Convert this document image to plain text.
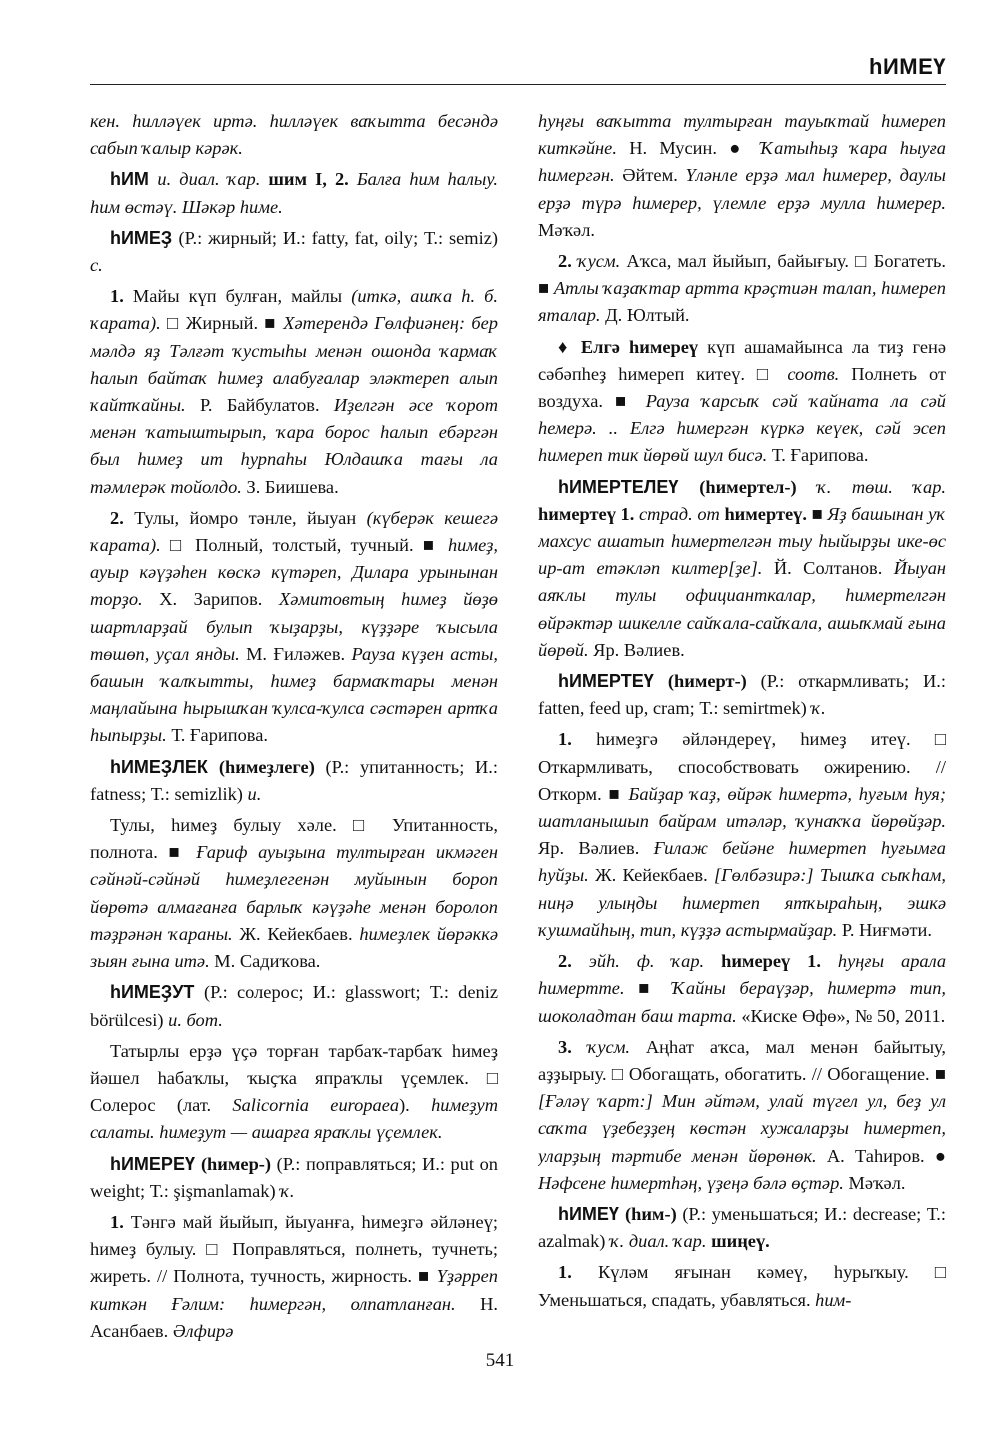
hИМЕҮ

кен. hилләүек иртә. hилләүек ваҡытта бесәндә сабып ҡалыр кәрәк.

hИМ и. диал. ҡар. шим I, 2. Балға һим һалыу. һим өстәү. Шәкәр һиме.

hИМЕҘ (Р.: жирный; И.: fatty, fat, oily; Т.: semiz) с.

1. Майы күп булған, майлы (иткә, ашҡа һ. б. ҡарата). □ Жирный. ■ Хәтерендә Гөлфиәнең: бер мәлдә яҙ Тәлғәт ҡустыһы менән ошонда ҡармаҡ һалып байтаҡ һимеҙ алабуғалар эләктереп алып ҡайтҡайны. Р. Байбулатов. Иҙелгән әсе ҡорот менән ҡатыштырып, ҡара борос һалып eбәргән был һимеҙ ит һурпаһы Юлдашҡа тағы ла тәмлерәк тойолдо. З. Биишева.

2. Тулы, йомро тәнле, йыуан (күберәк кешегә ҡарата). □ Полный, толстый, тучный. ■ һимеҙ, ауыр кәүҙәһен көскә күтәреп, Дилара урынынан торҙо. Х. Зарипов. Хәмитовтың һимеҙ йөҙө шартларҙай булып ҡыҙарҙы, күҙҙәре ҡысыла төшөп, уҫал янды. М. Ғиләжев. Рауза күҙен асты, башын ҡалҡытты, һимеҙ бармаҡтары менән маңлайына һырышҡан ҡулса-ҡулса сәстәрен артҡа һыпырҙы. Т. Ғарипова.

hИМЕҘЛЕК (һимеҙлеге) (Р.: упитанность; И.: fatness; Т.: semizlik) и.

Тулы, һимеҙ булыу хәле. □ Упитанность, полнота. ■ Ғариф ауыҙына тултырған икмәген сәйнәй-сәйнәй һимеҙлегенән муйынын бороп йөрөтә алмағанға барлыҡ кәүҙәһе менән боролоп тәҙрәнән ҡараны. Ж. Кейекбаев. һимеҙлек йөрәккә зыян ғына итә. М. Садиҡова.

hИМЕҘУТ (Р.: солерос; И.: glasswort; Т.: deniz börülcesi) и. бот.

Татырлы ерҙә үҫә торған тарбаҡ-тарбаҡ һимеҙ йәшел һабаҡлы, ҡыҫҡа япраҡлы үҫемлек. □ Солерос (лат. Salicornia europaea). һимеҙут салаты. һимеҙут — ашарға яраҡлы үҫемлек.

hИМЕРЕҮ (һимер-) (Р.: поправляться; И.: put on weight; Т.: şişmanlamak) ҡ.

1. Тәнгә май йыйып, йыуанға, һимеҙгә әйләнеү; һимеҙ булыу. □ Поправляться, полнеть, тучнеть; жиреть. // Полнота, тучность, жирность. ■ Үҙәрреп киткән Ғәлим: һимергән, олпатланған. Н. Асанбаев. Әлфирә

һуңғы ваҡытта тултырған тауыҡтай һимереп киткәйне. Н. Мусин. ● Ҡатыһыҙ ҡара һыуға һимергән. Әйтем. Үләнле ерҙә мал һимерер, даулы ерҙә түрә һимерер, үлемле ерҙә мулла һимерер. Мәҡәл.

2. ҡусм. Аҡса, мал йыйып, байығыу. □ Богатеть. ■ Атлы ҡаҙаҡтар артта крәҫтиән талап, һимереп яталар. Д. Юлтый.

♦ Елгә һимереү күп ашамайынса ла тиҙ генә сәбәпһеҙ һимереп китеү. □ соотв. Полнеть от воздуха. ■ Рауза ҡарсыҡ сәй ҡайната ла сәй һемерә. .. Елгә һимергән күркә кеүек, сәй эсеп һимереп тик йөрөй шул бисә. Т. Ғарипова.

hИМЕРТЕЛЕҮ (һимертел-) ҡ. төш. ҡар. һимертеү 1. страд. от һимертеү. ■ Яҙ башынан уҡ махсус ашатып һимертелгән тыу һыйырҙы ике-өс ир-ат етәкләп килтер[ҙе]. Й. Солтанов. Йыуан аяҡлы тулы официанткалар, һимертелгән өйрәктәр шикелле сайҡала-сайҡала, ашыҡмай ғына йөрөй. Яр. Вәлиев.

hИМЕРТЕҮ (һимерт-) (Р.: откармливать; И.: fatten, feed up, cram; Т.: semirtmek) ҡ.

1. һимеҙгә әйләндереү, һимеҙ итеү. □ Откармливать, способствовать ожирению. // Откорм. ■ Байҙар ҡаҙ, өйрәк һимертә, һуғым һуя; шатланышып байрам итәләр, ҡунаҡҡа йөрөйҙәр. Яр. Вәлиев. Ғилаж бейәне һимертеп һуғымға һуйҙы. Ж. Кейекбаев. [Гөлбәзирә:] Тышҡа сыҡһам, ниңә улыңды һимертеп ятҡыраһың, эшкә ҡушмайһың, тип, күҙҙә астырмайҙар. Р. Ниғмәти.

2. эйһ. ф. ҡар. һимереү 1. һуңғы арала һимертте. ■ Ҡайны бераүҙәр, һимертә тип, шоколадтан баш тарта. «Киске Өфө», № 50, 2011.

3. ҡусм. Аңһат аҡса, мал менән байытыу, аҙҙырыу. □ Обогащать, обогатить. // Обогащение. ■ [Ғәләү ҡарт:] Мин әйтәм, улай түгел ул, беҙ ул саҡта үҙебеҙҙең көстән хужаларҙы һимертеп, уларҙың тәртибе менән йөрөнөк. А. Таһиров. ● Нәфсене һимертһәң, үҙеңә бәлә өҫтәр. Мәҡәл.

hИМЕҮ (һим-) (Р.: уменьшаться; И.: decrease; Т.: azalmak) ҡ. диал. ҡар. шиңеү.

1. Күләм яғынан кәмеү, һурыҡыу. □ Уменьшаться, спадать, убавляться. һим-

541
